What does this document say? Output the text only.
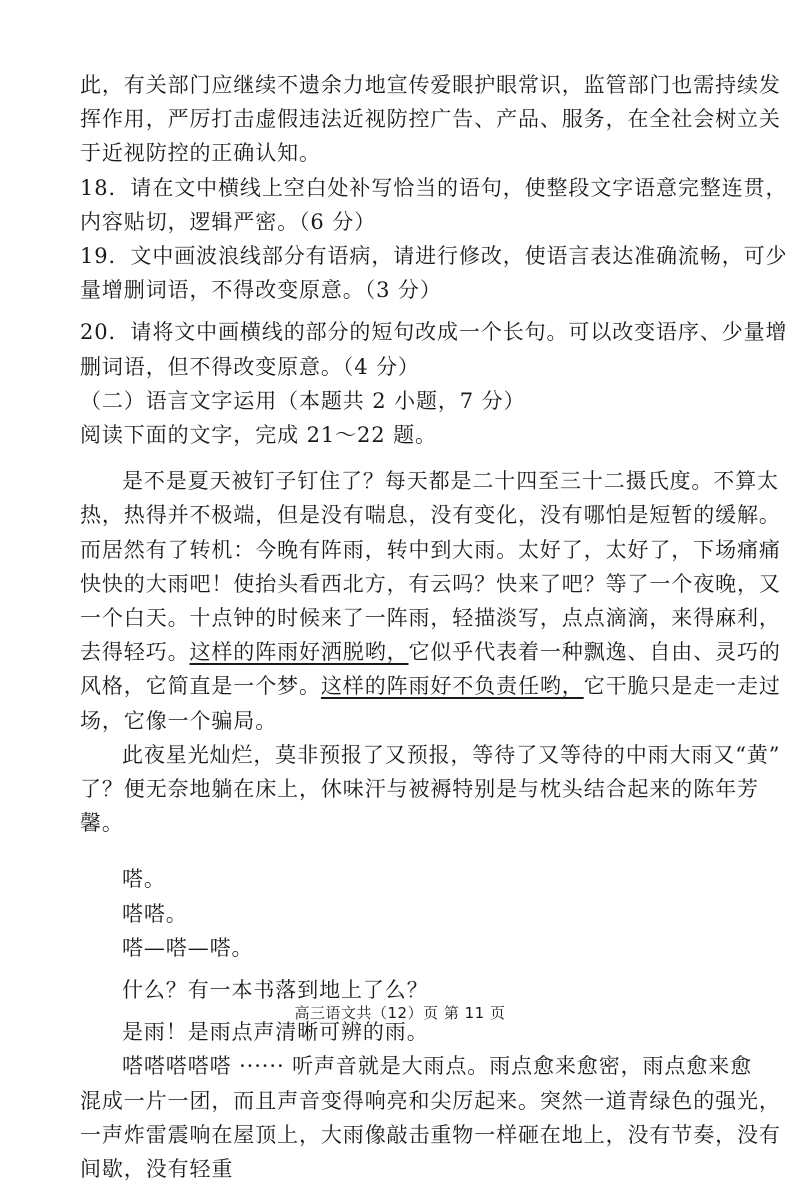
此，有关部门应继续不遗余力地宣传爱眼护眼常识，监管部门也需持续发
挥作用，严厉打击虚假违法近视防控广告、产品、服务，在全社会树立关
于近视防控的正确认知。
18．请在文中横线上空白处补写恰当的语句，使整段文字语意完整连贯，
内容贴切，逻辑严密。（6 分）
19．文中画波浪线部分有语病，请进行修改，使语言表达准确流畅，可少
量增删词语，不得改变原意。（3 分）
20．请将文中画横线的部分的短句改成一个长句。可以改变语序、少量增
删词语，但不得改变原意。（4 分）
（二）语言文字运用（本题共 2 小题，7 分）
阅读下面的文字，完成 21～22 题。
是不是夏天被钉子钉住了？每天都是二十四至三十二摄氏度。不算太
热，热得并不极端，但是没有喘息，没有变化，没有哪怕是短暂的缓解。
而居然有了转机：今晚有阵雨，转中到大雨。太好了，太好了，下场痛痛
快快的大雨吧！使抬头看西北方，有云吗？快来了吧？等了一个夜晚，又
一个白天。十点钟的时候来了一阵雨，轻描淡写，点点滴滴，来得麻利，
去得轻巧。这样的阵雨好洒脱哟，它似乎代表着一种飘逸、自由、灵巧的
风格，它简直是一个梦。这样的阵雨好不负责任哟，它干脆只是走一走过
场，它像一个骗局。
此夜星光灿烂，莫非预报了又预报，等待了又等待的中雨大雨又“黄”
了？便无奈地躺在床上，休味汗与被褥特别是与枕头结合起来的陈年芳
馨。
嗒。
嗒嗒。
嗒—嗒—嗒。
什么？有一本书落到地上了么？
是雨！是雨点声清晰可辨的雨。
嗒嗒嗒嗒嗒 ······ 听声音就是大雨点。雨点愈来愈密，雨点愈来愈
混成一片一团，而且声音变得响亮和尖厉起来。突然一道青绿色的强光，
一声炸雷震响在屋顶上，大雨像敲击重物一样砸在地上，没有节奏，没有
间歇，没有轻重
高三语文共（12）页 第 11 页
